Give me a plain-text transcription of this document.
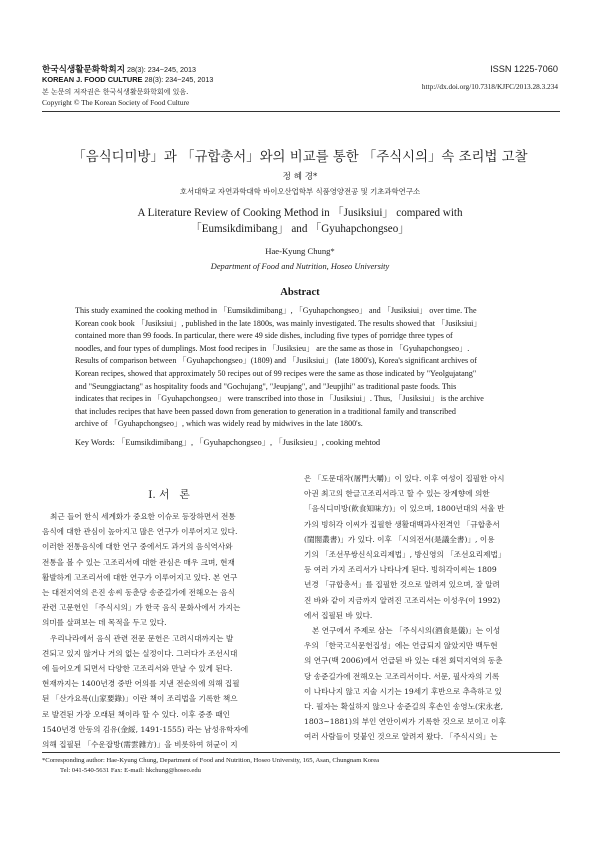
한국식생활문화학회지 28(3): 234~245, 2013
KOREAN J. FOOD CULTURE 28(3): 234~245, 2013
본 논문의 저작권은 한국식생활문화학회에 있음.
Copyright © The Korean Society of Food Culture
ISSN 1225-7060
http://dx.doi.org/10.7318/KJFC/2013.28.3.234
「음식디미방」과 「규합총서」와의 비교를 통한 「주식시의」속 조리법 고찰
정 혜 경*
호서대학교 자연과학대학 바이오산업학부 식품영양전공 및 기초과학연구소
A Literature Review of Cooking Method in 「Jusiksiui」 compared with
「Eumsikdimibang」 and 「Gyuhapchongseo」
Hae-Kyung Chung*
Department of Food and Nutrition, Hoseo University
Abstract
This study examined the cooking method in 「Eumsikdimibang」, 「Gyuhapchongseo」 and 「Jusiksiui」 over time. The
Korean cook book 「Jusiksiui」, published in the late 1800s, was mainly investigated. The results showed that 「Jusiksiui」
contained more than 99 foods. In particular, there were 49 side dishes, including five types of porridge three types of
noodles, and four types of dumplings. Most food recipes in 「Jusiksieu」 are the same as those in 「Gyuhapchongseo」.
Results of comparison between 「Gyuhapchongseo」(1809) and 「Jusiksiui」 (late 1800's), Korea's significant archives of
Korean recipes, showed that approximately 50 recipes out of 99 recipes were the same as those indicated by "Yeolgujatang"
and "Seunggiactang" as hospitality foods and "Gochujang", "Jeupjang", and "Jeupjihi" as traditional paste foods. This
indicates that recipes in 「Gyuhapchongseo」 were transcribed into those in 「Jusiksiui」. Thus, 「Jusiksiui」 is the archive
that includes recipes that have been passed down from generation to generation in a traditional family and transcribed
archive of 「Gyuhapchongseo」, which was widely read by midwives in the late 1800's.
Key Words: 「Eumsikdimibang」, 「Gyuhapchongseo」, 「Jusiksieu」, cooking mehtod
Ⅰ. 서   론
최근 들어 한식 세계화가 중요한 이슈로 등장하면서 전통
음식에 대한 관심이 높아지고 많은 연구가 이루어지고 있다.
이러한 전통음식에 대한 연구 중에서도 과거의 음식역사와
전통을 볼 수 있는 고조리서에 대한 관심은 매우 크며, 현재
활발하게 고조리서에 대한 연구가 이루어지고 있다. 본 연구
는 대전지역의 은진 송씨 동춘당 송준길가에 전해오는 음식
관련 고문헌인 「주식시의」가 한국 음식 문화사에서 가지는
의미를 살펴보는 데 목적을 두고 있다.
우리나라에서 음식 관련 전문 문헌은 고려시대까지는 발
견되고 있지 않거나 거의 없는 실정이다. 그러다가 조선시대
에 들어오게 되면서 다양한 고조리서와 만날 수 있게 된다.
현재까지는 1400년경 중반 어의를 지낸 전순의에 의해 집필
된 「산가요록(山家要錄)」이란 책이 조리법을 기록한 책으
로 발견된 가장 오래된 책이라 할 수 있다. 이후 중종 때인
1540년경 안동의 김유(金綏, 1491-1555) 라는 남성유학자에
의해 집필된 「수운잡방(需雲雜方)」을 비롯하여 허균이 지
은 「도문대작(屠門大嚼)」이 있다. 이후 여성이 집필한 아시
아권 최고의 한글고조리서라고 할 수 있는 장계향에 의한
「음식디미방(飮食知味方)」이 있으며, 1800년대의 서울 반
가의 빙허각 이씨가 집필한 생활대백과사전격인 「규합총서
(閨閤叢書)」가 있다. 이후 「시의전서(是議全書)」, 이용
기의 「조선무쌍신식요리제법」, 방신영의 「조선요리제법」
등 여러 가지 조리서가 나타나게 된다. 빙허각이씨는 1809
년경 「규합총서」를 집필한 것으로 알려져 있으며, 잘 알려
진 바와 같이 지금까지 알려진 고조리서는 이성우(이 1992)
에서 집필된 바 있다.
본 연구에서 주제로 삼는 「주식시의(酒食是儀)」는 이성
우의 「한국고식문헌집성」에는 언급되지 않았지만 백두현
의 연구(백 2006)에서 언급된 바 있는 대전 회덕지역의 동춘
당 송준길가에 전해오는 고조리서이다. 서문, 필사자의 기록
이 나타나지 않고 지술 시기는 19세기 후반으로 추측하고 있
다. 필자는 확실하지 않으나 송준길의 후손인 송영노(宋永老,
1803~1881)의 부인 연안이씨가 기록한 것으로 보이고 이후
여러 사람들이 덧붙인 것으로 알려져 왔다. 「주식시의」는
*Corresponding author: Hae-Kyung Chung, Department of Food and Nutrition, Hoseo University, 165, Asan, Chungnam Korea
Tel: 041-540-5631 Fax: E-mail: hkchung@hoseo.edu
